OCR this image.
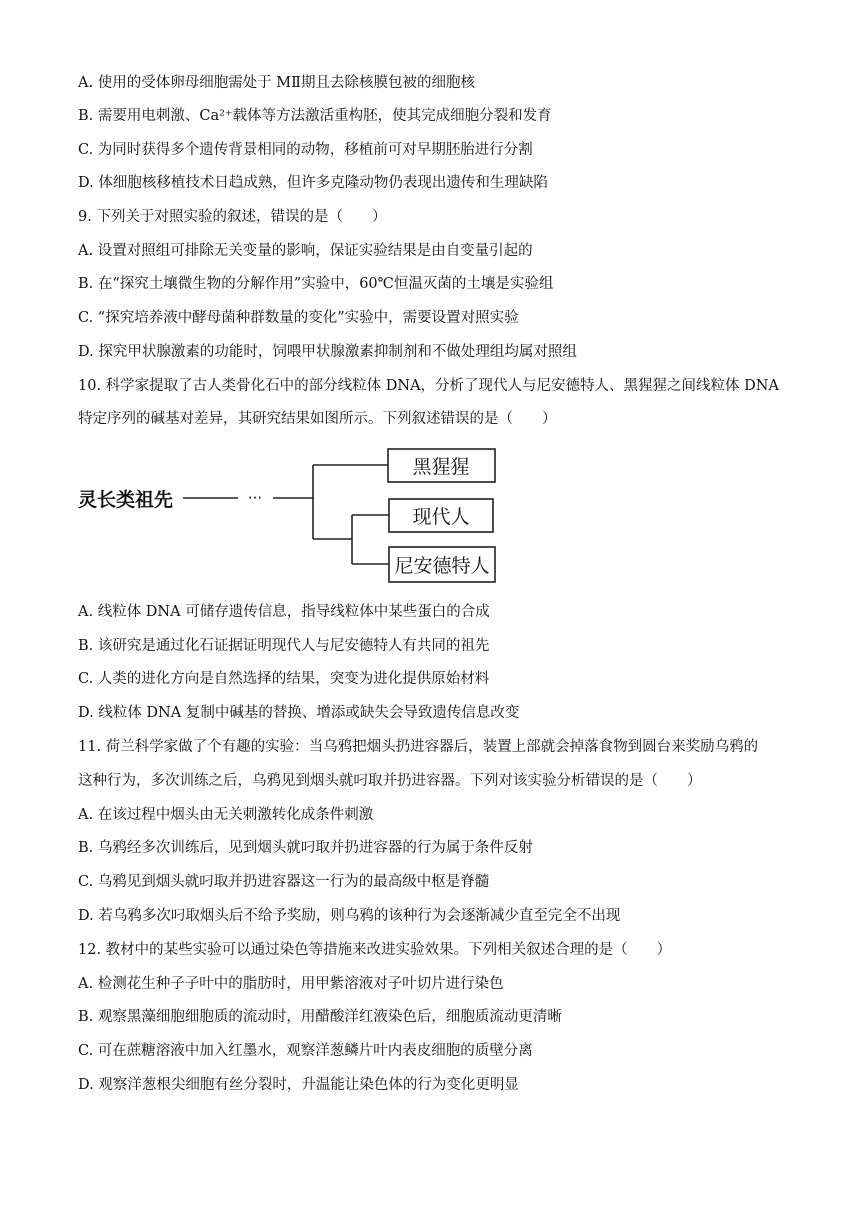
A. 使用的受体卵母细胞需处于 MⅡ期且去除核膜包被的细胞核
B. 需要用电刺激、Ca²⁺载体等方法激活重构胚，使其完成细胞分裂和发育
C. 为同时获得多个遗传背景相同的动物，移植前可对早期胚胎进行分割
D. 体细胞核移植技术日趋成熟，但许多克隆动物仍表现出遗传和生理缺陷
9. 下列关于对照实验的叙述，错误的是（　　）
A. 设置对照组可排除无关变量的影响，保证实验结果是由自变量引起的
B. 在“探究土壤微生物的分解作用”实验中，60℃恒温灭菌的土壤是实验组
C. “探究培养液中酵母菌种群数量的变化”实验中，需要设置对照实验
D. 探究甲状腺激素的功能时，饲喂甲状腺激素抑制剂和不做处理组均属对照组
10. 科学家提取了古人类骨化石中的部分线粒体 DNA，分析了现代人与尼安德特人、黑猩猩之间线粒体 DNA
特定序列的碱基对差异，其研究结果如图所示。下列叙述错误的是（　　）
灵长类祖先	···
黑猩猩
现代人
尼安德特人
A. 线粒体 DNA 可储存遗传信息，指导线粒体中某些蛋白的合成
B. 该研究是通过化石证据证明现代人与尼安德特人有共同的祖先
C. 人类的进化方向是自然选择的结果，突变为进化提供原始材料
D. 线粒体 DNA 复制中碱基的替换、增添或缺失会导致遗传信息改变
11. 荷兰科学家做了个有趣的实验：当乌鸦把烟头扔进容器后，装置上部就会掉落食物到圆台来奖励乌鸦的
这种行为，多次训练之后，乌鸦见到烟头就叼取并扔进容器。下列对该实验分析错误的是（　　）
A. 在该过程中烟头由无关刺激转化成条件刺激
B. 乌鸦经多次训练后，见到烟头就叼取并扔进容器的行为属于条件反射
C. 乌鸦见到烟头就叼取并扔进容器这一行为的最高级中枢是脊髓
D. 若乌鸦多次叼取烟头后不给予奖励，则乌鸦的该种行为会逐渐减少直至完全不出现
12. 教材中的某些实验可以通过染色等措施来改进实验效果。下列相关叙述合理的是（　　）
A. 检测花生种子子叶中的脂肪时，用甲紫溶液对子叶切片进行染色
B. 观察黑藻细胞细胞质的流动时，用醋酸洋红液染色后，细胞质流动更清晰
C. 可在蔗糖溶液中加入红墨水，观察洋葱鳞片叶内表皮细胞的质壁分离
D. 观察洋葱根尖细胞有丝分裂时，升温能让染色体的行为变化更明显
